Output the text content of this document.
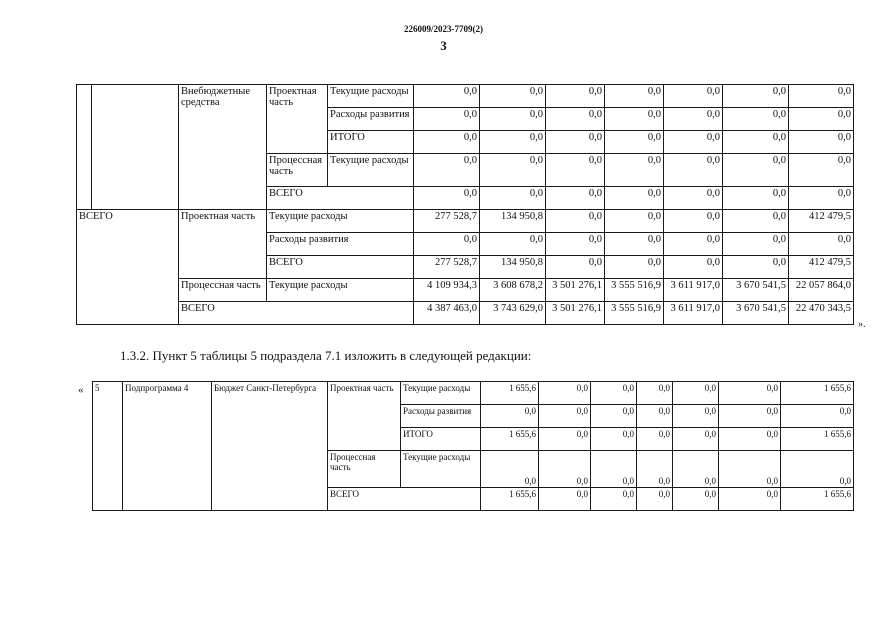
226009/2023-7709(2)
3
		Внебюджетные средства	Проектная часть	Текущие расходы	0,0	0,0	0,0	0,0	0,0	0,0	0,0
				Расходы развития	0,0	0,0	0,0	0,0	0,0	0,0	0,0
				ИТОГО	0,0	0,0	0,0	0,0	0,0	0,0	0,0
			Процессная часть	Текущие расходы	0,0	0,0	0,0	0,0	0,0	0,0	0,0
			ВСЕГО		0,0	0,0	0,0	0,0	0,0	0,0	0,0
ВСЕГО		Проектная часть	Текущие расходы		277 528,7	134 950,8	0,0	0,0	0,0	0,0	412 479,5
			Расходы развития		0,0	0,0	0,0	0,0	0,0	0,0	0,0
			ВСЕГО		277 528,7	134 950,8	0,0	0,0	0,0	0,0	412 479,5
		Процессная часть	Текущие расходы		4 109 934,3	3 608 678,2	3 501 276,1	3 555 516,9	3 611 917,0	3 670 541,5	22 057 864,0
		ВСЕГО			4 387 463,0	3 743 629,0	3 501 276,1	3 555 516,9	3 611 917,0	3 670 541,5	22 470 343,5
».
1.3.2. Пункт 5 таблицы 5 подраздела 7.1 изложить в следующей редакции:
« 5	Подпрограмма 4	Бюджет Санкт-Петербурга	Проектная часть	Текущие расходы	1 655,6	0,0	0,0	0,0	0,0	0,0	1 655,6
				Расходы развития	0,0	0,0	0,0	0,0	0,0	0,0	0,0
				ИТОГО	1 655,6	0,0	0,0	0,0	0,0	0,0	1 655,6
			Процессная часть	Текущие расходы	0,0	0,0	0,0	0,0	0,0	0,0	0,0
			ВСЕГО		1 655,6	0,0	0,0	0,0	0,0	0,0	1 655,6
